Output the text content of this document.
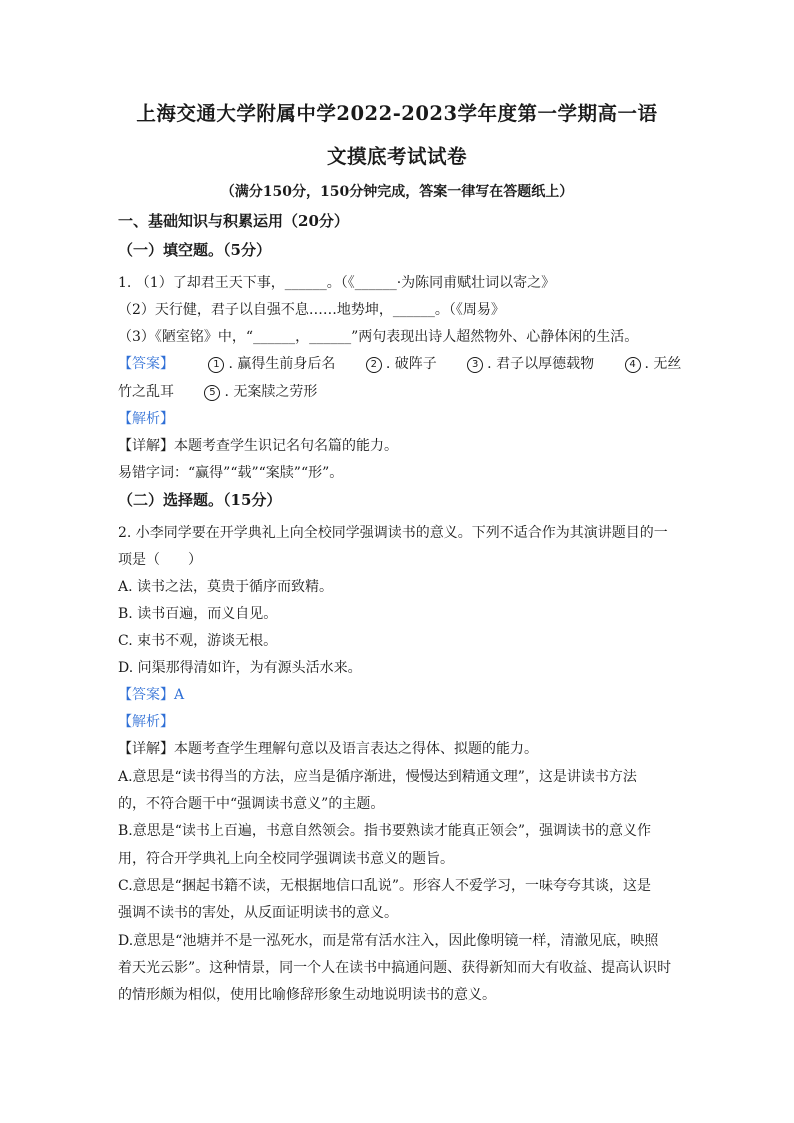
上海交通大学附属中学2022-2023学年度第一学期高一语
文摸底考试试卷
（满分150分，150分钟完成，答案一律写在答题纸上）
一、基础知识与积累运用（20分）
（一）填空题。（5分）
1. （1）了却君王天下事，______。（《______·为陈同甫赋壮词以寄之》
（2）天行健，君子以自强不息……地势坤，______。（《周易》
（3）《陋室铭》中，“______，______”两句表现出诗人超然物外、心静体闲的生活。
【答案】	1 . 赢得生前身后名	2 . 破阵子	3 . 君子以厚德载物	4 . 无丝
竹之乱耳	5 . 无案牍之劳形
【解析】
【详解】本题考查学生识记名句名篇的能力。
易错字词：“赢得”“载”“案牍”“形”。
（二）选择题。（15分）
2. 小李同学要在开学典礼上向全校同学强调读书的意义。下列不适合作为其演讲题目的一
项是（　　）
A. 读书之法，莫贵于循序而致精。
B. 读书百遍，而义自见。
C. 束书不观，游谈无根。
D. 问渠那得清如许，为有源头活水来。
【答案】A
【解析】
【详解】本题考查学生理解句意以及语言表达之得体、拟题的能力。
A.意思是“读书得当的方法，应当是循序渐进，慢慢达到精通文理”，这是讲读书方法
的，不符合题干中“强调读书意义”的主题。
B.意思是“读书上百遍，书意自然领会。指书要熟读才能真正领会”，强调读书的意义作
用，符合开学典礼上向全校同学强调读书意义的题旨。
C.意思是“捆起书籍不读，无根据地信口乱说”。形容人不爱学习，一味夸夸其谈，这是
强调不读书的害处，从反面证明读书的意义。
D.意思是“池塘并不是一泓死水，而是常有活水注入，因此像明镜一样，清澈见底，映照
着天光云影”。这种情景，同一个人在读书中搞通问题、获得新知而大有收益、提高认识时
的情形颇为相似，使用比喻修辞形象生动地说明读书的意义。
